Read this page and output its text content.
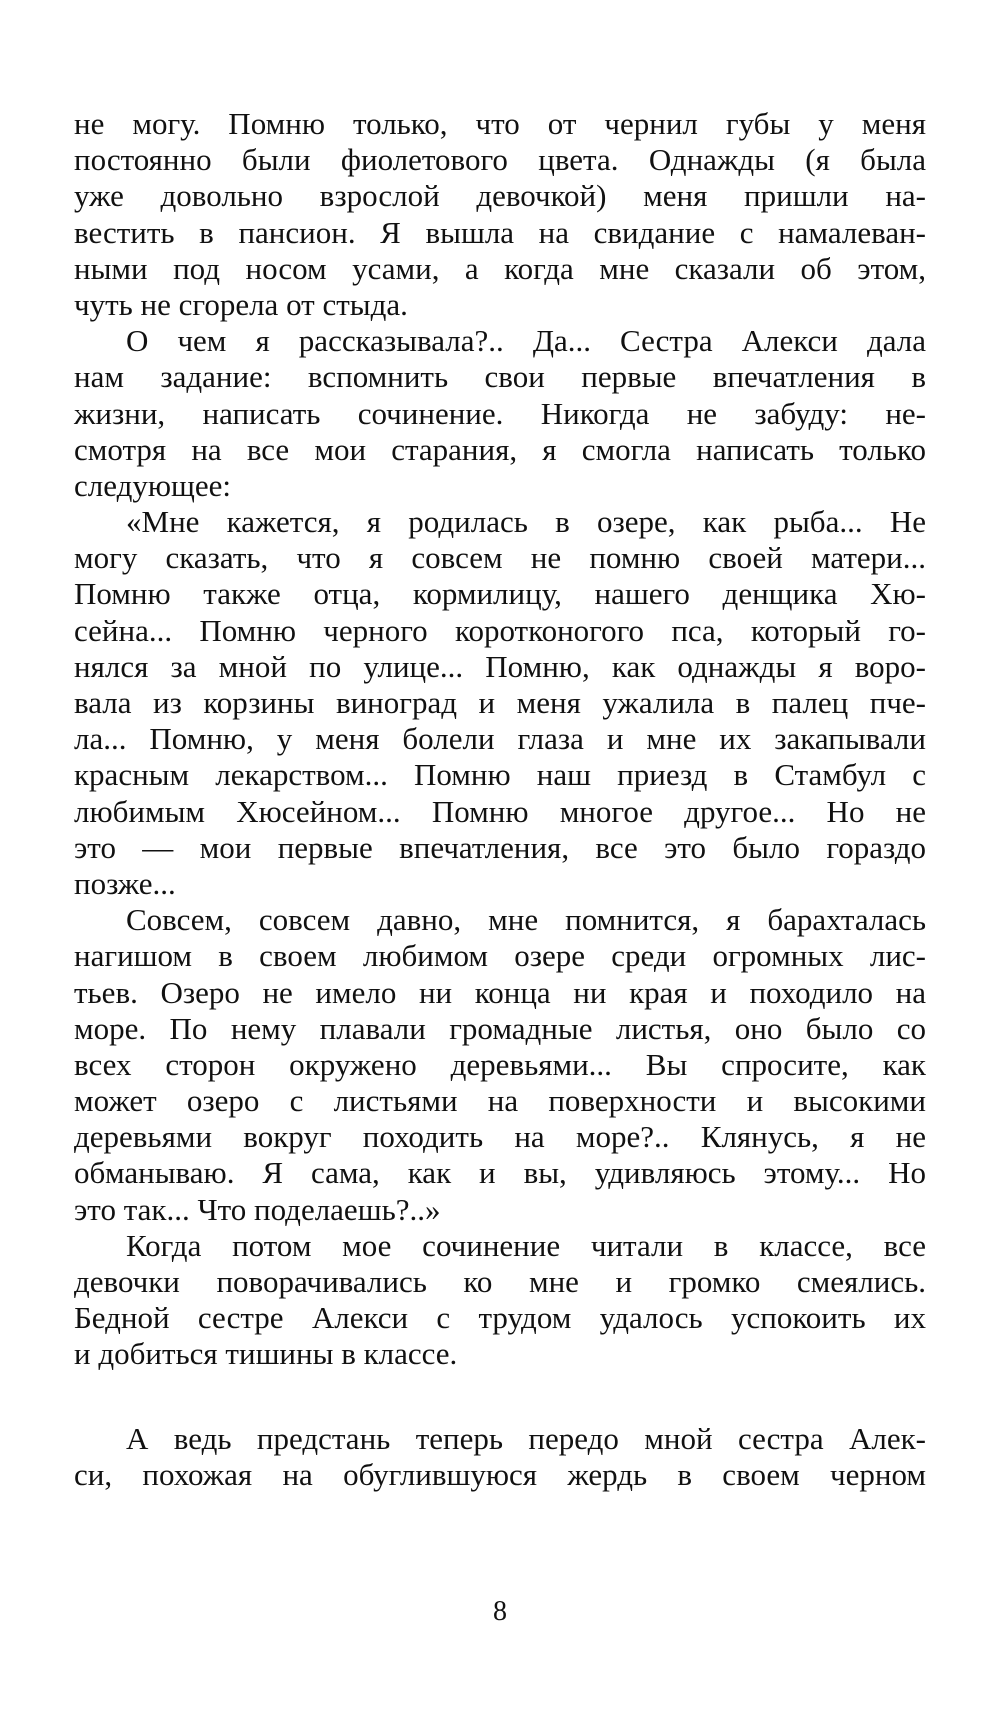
не могу. Помню только, что от чернил губы у меня
постоянно были фиолетового цвета. Однажды (я была
уже довольно взрослой девочкой) меня пришли на-
вестить в пансион. Я вышла на свидание с намалеван-
ными под носом усами, а когда мне сказали об этом,
чуть не сгорела от стыда.
О чем я рассказывала?.. Да... Сестра Алекси дала
нам задание: вспомнить свои первые впечатления в
жизни, написать сочинение. Никогда не забуду: не-
смотря на все мои старания, я смогла написать только
следующее:
«Мне кажется, я родилась в озере, как рыба... Не
могу сказать, что я совсем не помню своей матери...
Помню также отца, кормилицу, нашего денщика Хю-
сейна... Помню черного коротконогого пса, который го-
нялся за мной по улице... Помню, как однажды я воро-
вала из корзины виноград и меня ужалила в палец пче-
ла... Помню, у меня болели глаза и мне их закапывали
красным лекарством... Помню наш приезд в Стамбул с
любимым Хюсейном... Помню многое другое... Но не
это — мои первые впечатления, все это было гораздо
позже...
Совсем, совсем давно, мне помнится, я барахталась
нагишом в своем любимом озере среди огромных лис-
тьев. Озеро не имело ни конца ни края и походило на
море. По нему плавали громадные листья, оно было со
всех сторон окружено деревьями... Вы спросите, как
может озеро с листьями на поверхности и высокими
деревьями вокруг походить на море?.. Клянусь, я не
обманываю. Я сама, как и вы, удивляюсь этому... Но
это так... Что поделаешь?..»
Когда потом мое сочинение читали в классе, все
девочки поворачивались ко мне и громко смеялись.
Бедной сестре Алекси с трудом удалось успокоить их
и добиться тишины в классе.
А ведь предстань теперь передо мной сестра Алек-
си, похожая на обуглившуюся жердь в своем черном
8
